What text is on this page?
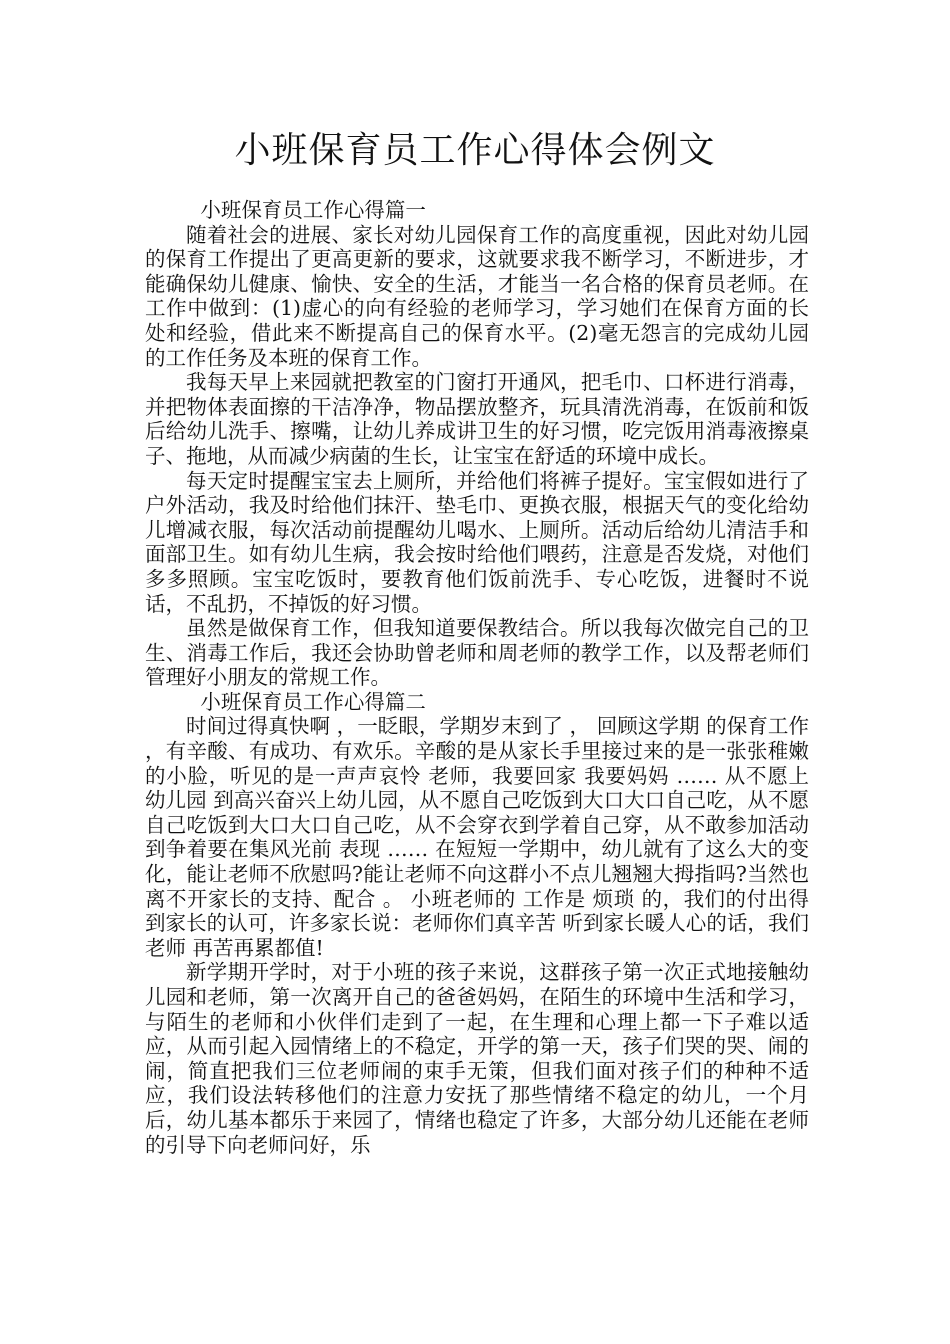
小班保育员工作心得体会例文

小班保育员工作心得篇一

随着社会的进展、家长对幼儿园保育工作的高度重视，因此对幼儿园的保育工作提出了更高更新的要求，这就要求我不断学习，不断进步，才能确保幼儿健康、愉快、安全的生活，才能当一名合格的保育员老师。在工作中做到：(1)虚心的向有经验的老师学习，学习她们在保育方面的长处和经验，借此来不断提高自己的保育水平。(2)毫无怨言的完成幼儿园的工作任务及本班的保育工作。

我每天早上来园就把教室的门窗打开通风，把毛巾、口杯进行消毒，并把物体表面擦的干洁净净，物品摆放整齐，玩具清洗消毒，在饭前和饭后给幼儿洗手、擦嘴，让幼儿养成讲卫生的好习惯，吃完饭用消毒液擦桌子、拖地，从而减少病菌的生长，让宝宝在舒适的环境中成长。

每天定时提醒宝宝去上厕所，并给他们将裤子提好。宝宝假如进行了户外活动，我及时给他们抹汗、垫毛巾、更换衣服，根据天气的变化给幼儿增减衣服，每次活动前提醒幼儿喝水、上厕所。活动后给幼儿清洁手和面部卫生。如有幼儿生病，我会按时给他们喂药，注意是否发烧，对他们多多照顾。宝宝吃饭时，要教育他们饭前洗手、专心吃饭，进餐时不说话，不乱扔，不掉饭的好习惯。

虽然是做保育工作，但我知道要保教结合。所以我每次做完自己的卫生、消毒工作后，我还会协助曾老师和周老师的教学工作，以及帮老师们管理好小朋友的常规工作。

小班保育员工作心得篇二

时间过得真快啊 ，一眨眼，学期岁末到了 ， 回顾这学期 的保育工作 ，有辛酸、有成功、有欢乐。辛酸的是从家长手里接过来的是一张张稚嫩的小脸，听见的是一声声哀怜 老师，我要回家 我要妈妈 …… 从不愿上 幼儿园 到高兴奋兴上幼儿园，从不愿自己吃饭到大口大口自己吃，从不愿自己吃饭到大口大口自己吃，从不会穿衣到学着自己穿，从不敢参加活动到争着要在集风光前 表现 …… 在短短一学期中，幼儿就有了这么大的变化，能让老师不欣慰吗?能让老师不向这群小不点儿翘翘大拇指吗?当然也离不开家长的支持、配合 。 小班老师的 工作是 烦琐 的，我们的付出得到家长的认可，许多家长说：老师你们真辛苦 听到家长暖人心的话，我们老师 再苦再累都值!

新学期开学时，对于小班的孩子来说，这群孩子第一次正式地接触幼儿园和老师，第一次离开自己的爸爸妈妈，在陌生的环境中生活和学习，与陌生的老师和小伙伴们走到了一起，在生理和心理上都一下子难以适应，从而引起入园情绪上的不稳定，开学的第一天，孩子们哭的哭、闹的闹，简直把我们三位老师闹的束手无策，但我们面对孩子们的种种不适应，我们设法转移他们的注意力安抚了那些情绪不稳定的幼儿，一个月后，幼儿基本都乐于来园了，情绪也稳定了许多，大部分幼儿还能在老师的引导下向老师问好，乐
